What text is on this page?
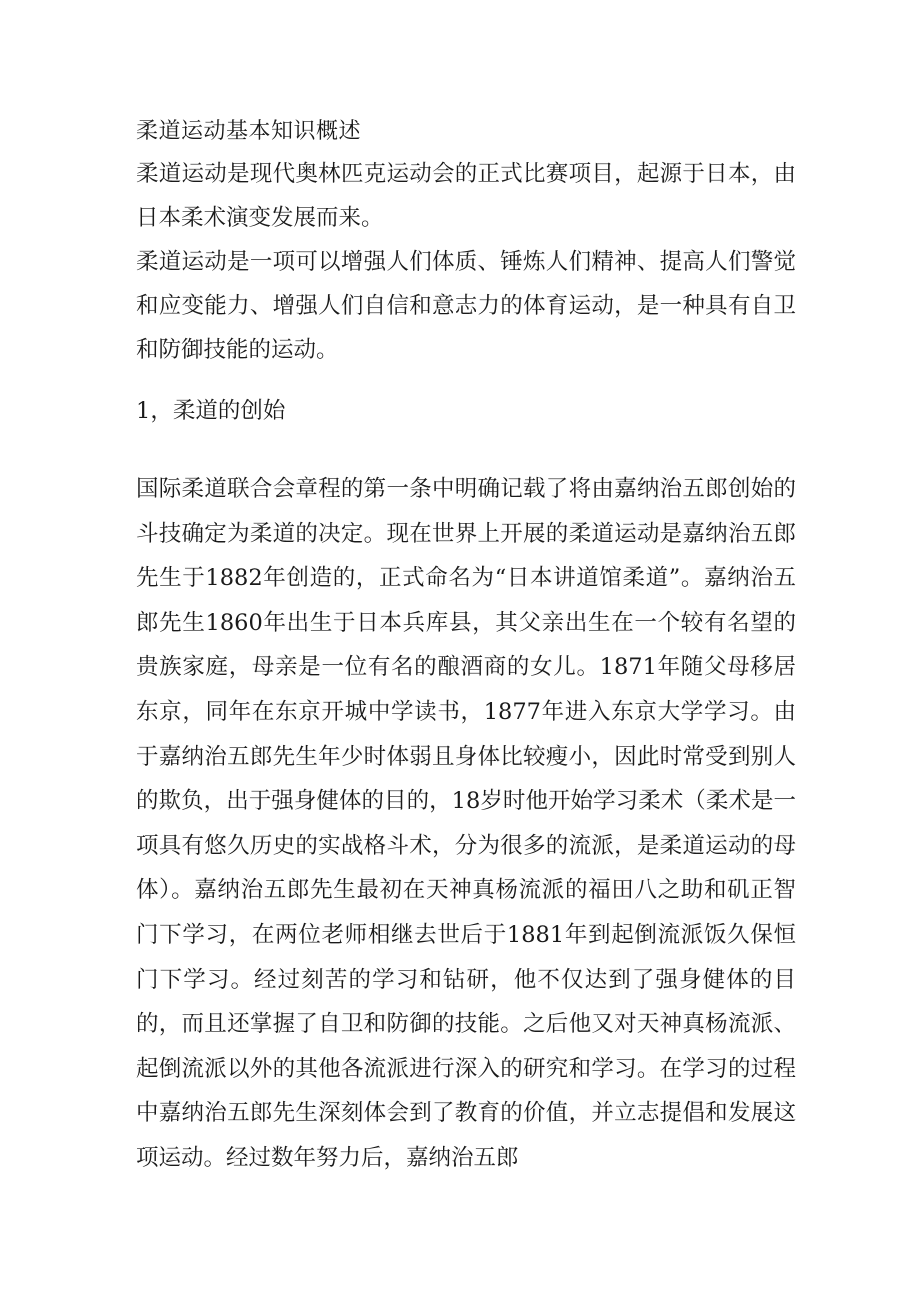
柔道运动基本知识概述

柔道运动是现代奥林匹克运动会的正式比赛项目，起源于日本，由日本柔术演变发展而来。

柔道运动是一项可以增强人们体质、锤炼人们精神、提高人们警觉和应变能力、增强人们自信和意志力的体育运动，是一种具有自卫和防御技能的运动。

1，柔道的创始

国际柔道联合会章程的第一条中明确记载了将由嘉纳治五郎创始的斗技确定为柔道的决定。现在世界上开展的柔道运动是嘉纳治五郎先生于1882年创造的，正式命名为“日本讲道馆柔道”。嘉纳治五郎先生1860年出生于日本兵库县，其父亲出生在一个较有名望的贵族家庭，母亲是一位有名的酿酒商的女儿。1871年随父母移居东京，同年在东京开城中学读书，1877年进入东京大学学习。由于嘉纳治五郎先生年少时体弱且身体比较瘦小，因此时常受到别人的欺负，出于强身健体的目的，18岁时他开始学习柔术（柔术是一项具有悠久历史的实战格斗术，分为很多的流派，是柔道运动的母体）。嘉纳治五郎先生最初在天神真杨流派的福田八之助和矶正智门下学习，在两位老师相继去世后于1881年到起倒流派饭久保恒门下学习。经过刻苦的学习和钻研，他不仅达到了强身健体的目的，而且还掌握了自卫和防御的技能。之后他又对天神真杨流派、起倒流派以外的其他各流派进行深入的研究和学习。在学习的过程中嘉纳治五郎先生深刻体会到了教育的价值，并立志提倡和发展这项运动。经过数年努力后，嘉纳治五郎
